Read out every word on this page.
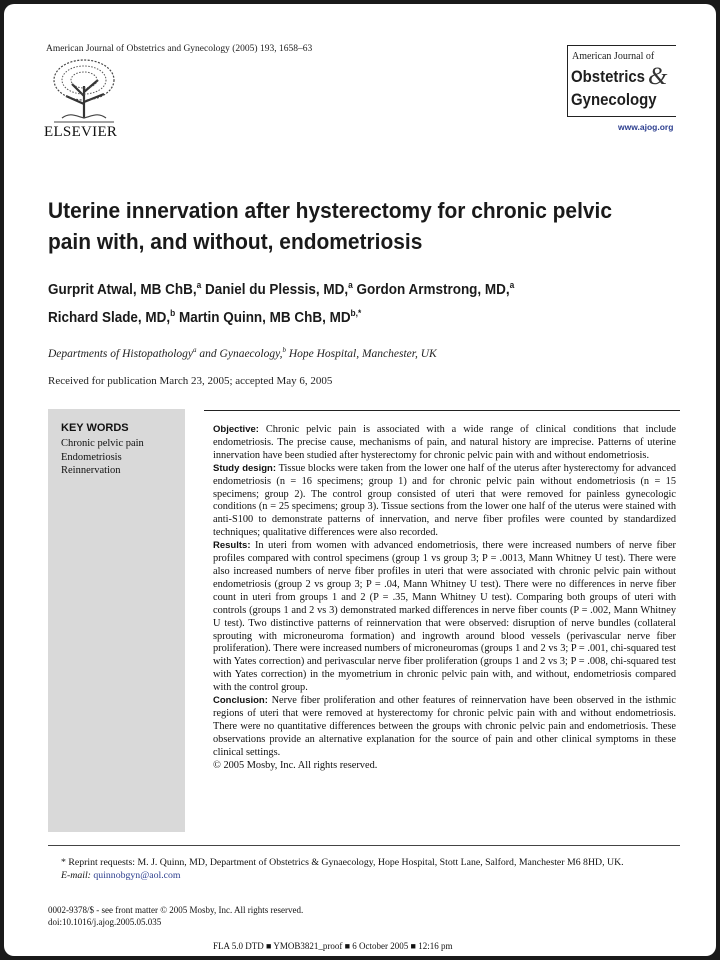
American Journal of Obstetrics and Gynecology (2005) 193, 1658–63
ELSEVIER
American Journal of
Obstetrics &
Gynecology
www.ajog.org
Uterine innervation after hysterectomy for chronic pelvic pain with, and without, endometriosis
Gurprit Atwal, MB ChB,$^a$ Daniel du Plessis, MD,$^a$ Gordon Armstrong, MD,$^a$
Richard Slade, MD,$^b$ Martin Quinn, MB ChB, $MD^{b,*}$
Departments of Histopathology$^a$ and Gynaecology,$^b$ Hope Hospital, Manchester, UK
Received for publication March 23, 2005; accepted May 6, 2005
KEY WORDS
Chronic pelvic pain
Endometriosis
Reinnervation

Objective: Chronic pelvic pain is associated with a wide range of clinical conditions that include endometriosis. The precise cause, mechanisms of pain, and natural history are imprecise. Patterns of uterine innervation have been studied after hysterectomy for chronic pelvic pain with and without endometriosis.

Study design: Tissue blocks were taken from the lower one half of the uterus after hysterectomy for advanced endometriosis (n = 16 specimens; group 1) and for chronic pelvic pain without endometriosis (n = 15 specimens; group 2). The control group consisted of uteri that were removed for painless gynecologic conditions (n = 25 specimens; group 3). Tissue sections from the lower one half of the uterus were stained with anti-S100 to demonstrate patterns of innervation, and nerve fiber profiles were counted by standardized techniques; qualitative differences were also recorded.

Results: In uteri from women with advanced endometriosis, there were increased numbers of nerve fiber profiles compared with control specimens (group 1 vs group 3; P = .0013, Mann Whitney U test). There were also increased numbers of nerve fiber profiles in uteri that were associated with chronic pelvic pain without endometriosis (group 2 vs group 3; P = .04, Mann Whitney U test). There were no differences in nerve fiber count in uteri from groups 1 and 2 (P = .35, Mann Whitney U test). Comparing both groups of uteri with controls (groups 1 and 2 vs 3) demonstrated marked differences in nerve fiber counts (P = .002, Mann Whitney U test). Two distinctive patterns of reinnervation that were observed: disruption of nerve bundles (collateral sprouting with microneuroma formation) and ingrowth around blood vessels (perivascular nerve fiber proliferation). There were increased numbers of microneuromas (groups 1 and 2 vs 3; P = .001, chi-squared test with Yates correction) and perivascular nerve fiber proliferation (groups 1 and 2 vs 3; P = .008, chi-squared test with Yates correction) in the myometrium in chronic pelvic pain with, and without, endometriosis compared with the control group.

Conclusion: Nerve fiber proliferation and other features of reinnervation have been observed in the isthmic regions of uteri that were removed at hysterectomy for chronic pelvic pain with and without endometriosis. There were no quantitative differences between the groups with chronic pelvic pain and endometriosis. These observations provide an alternative explanation for the source of pain and other clinical symptoms in these clinical settings.

© 2005 Mosby, Inc. All rights reserved.

* Reprint requests: M. J. Quinn, MD, Department of Obstetrics & Gynaecology, Hope Hospital, Stott Lane, Salford, Manchester M6 8HD, UK.
E-mail: quinnobgyn@aol.com
0002-9378/$ - see front matter © 2005 Mosby, Inc. All rights reserved.
doi:10.1016/j.ajog.2005.05.035
FLA 5.0 DTD ■ YMOB3821_proof ■ 6 October 2005 ■ 12:16 pm
